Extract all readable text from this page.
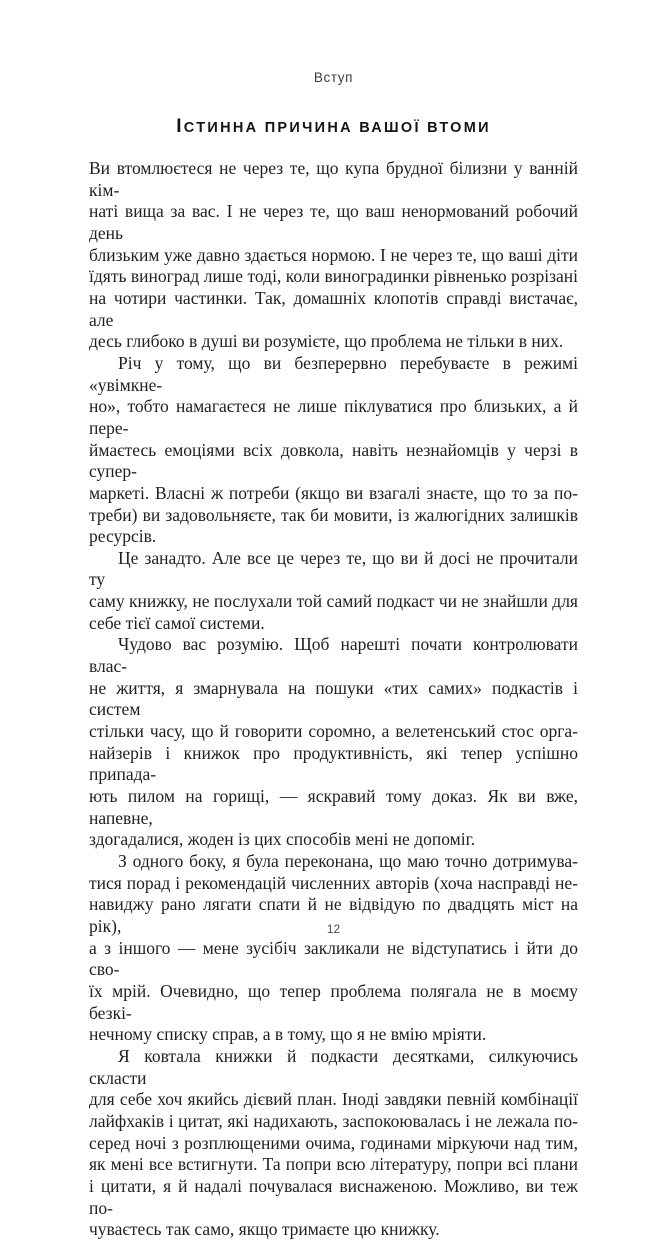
Вступ
ІСТИННА ПРИЧИНА ВАШОЇ ВТОМИ
Ви втомлюєтеся не через те, що купа брудної білизни у ванній кім-
наті вища за вас. І не через те, що ваш ненормований робочий день
близьким уже давно здається нормою. І не через те, що ваші діти
їдять виноград лише тоді, коли виноградинки рівненько розрізані
на чотири частинки. Так, домашніх клопотів справді вистачає, але
десь глибоко в душі ви розумієте, що проблема не тільки в них.
Річ у тому, що ви безперервно перебуваєте в режимі «увімкне-
но», тобто намагаєтеся не лише піклуватися про близьких, а й пере-
ймаєтесь емоціями всіх довкола, навіть незнайомців у черзі в супер-
маркеті. Власні ж потреби (якщо ви взагалі знаєте, що то за по-
треби) ви задовольняєте, так би мовити, із жалюгідних залишків
ресурсів.
Це занадто. Але все це через те, що ви й досі не прочитали ту
саму книжку, не послухали той самий подкаст чи не знайшли для
себе тієї самої системи.
Чудово вас розумію. Щоб нарешті почати контролювати влас-
не життя, я змарнувала на пошуки «тих самих» подкастів і систем
стільки часу, що й говорити соромно, а велетенський стос орга-
найзерів і книжок про продуктивність, які тепер успішно припада-
ють пилом на горищі, — яскравий тому доказ. Як ви вже, напевне,
здогадалися, жоден із цих способів мені не допоміг.
З одного боку, я була переконана, що маю точно дотримува-
тися порад і рекомендацій численних авторів (хоча насправді не-
навиджу рано лягати спати й не відвідую по двадцять міст на рік),
а з іншого — мене зусібіч закликали не відступатись і йти до сво-
їх мрій. Очевидно, що тепер проблема полягала не в моєму безкі-
нечному списку справ, а в тому, що я не вмію мріяти.
Я ковтала книжки й подкасти десятками, силкуючись скласти
для себе хоч якийсь дієвий план. Іноді завдяки певній комбінації
лайфхаків і цитат, які надихають, заспокоювалась і не лежала по-
серед ночі з розплющеними очима, годинами міркуючи над тим,
як мені все встигнути. Та попри всю літературу, попри всі плани
і цитати, я й надалі почувалася виснаженою. Можливо, ви теж по-
чуваєтесь так само, якщо тримаєте цю книжку.
12
